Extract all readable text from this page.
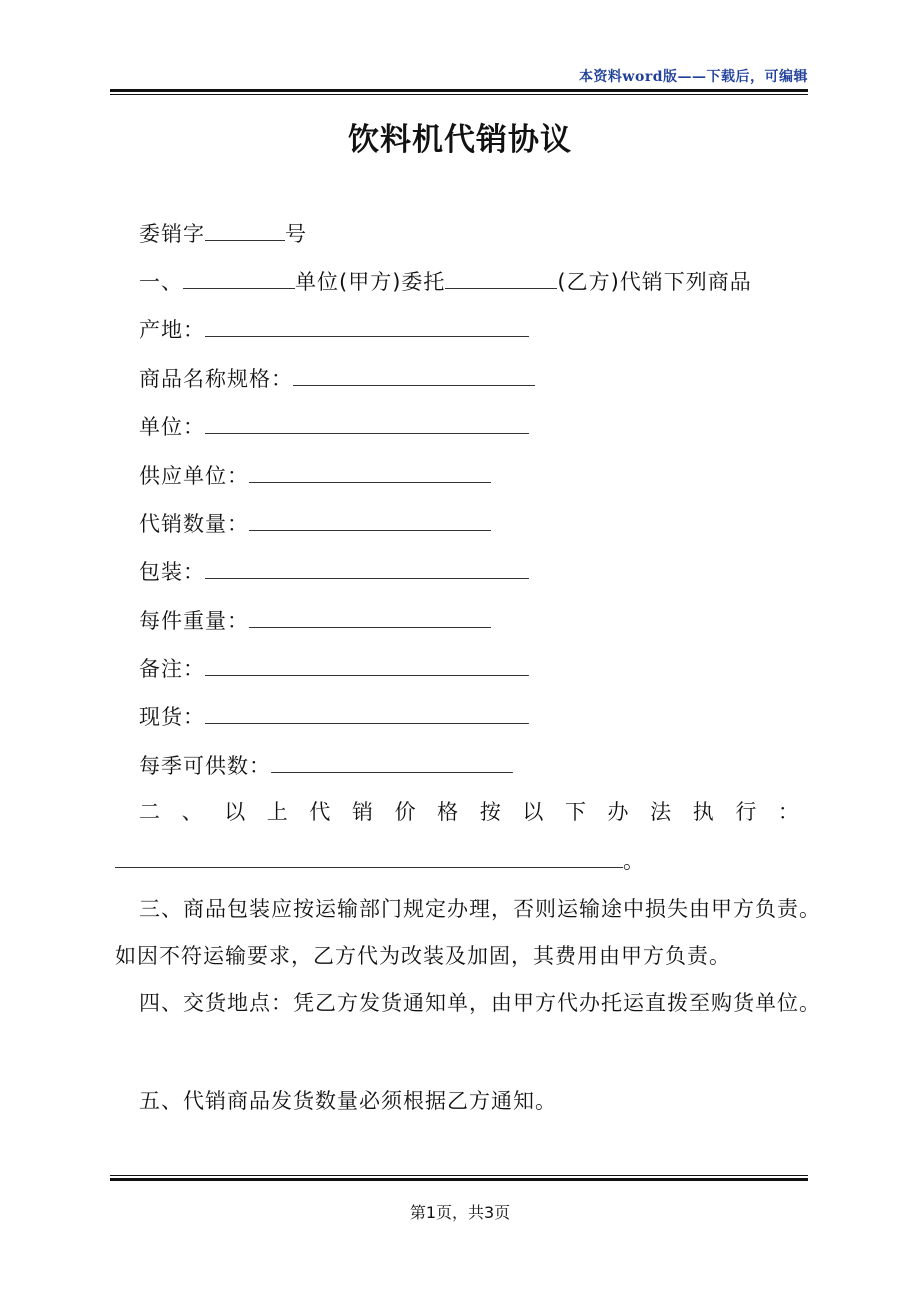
本资料word版——下载后，可编辑
饮料机代销协议
委销字	号
一、	单位(甲方)委托	(乙方)代销下列商品
产地：
商品名称规格：
单位：
供应单位：
代销数量：
包装：
每件重量：
备注：
现货：
每季可供数：
二 、 以 上 代 销 价 格 按 以 下 办 法 执 行 ：
。
三、商品包装应按运输部门规定办理，否则运输途中损失由甲方负责。如因不符运输要求，乙方代为改装及加固，其费用由甲方负责。
四、交货地点：凭乙方发货通知单，由甲方代办托运直拨至购货单位。
五、代销商品发货数量必须根据乙方通知。
第1页，共3页
